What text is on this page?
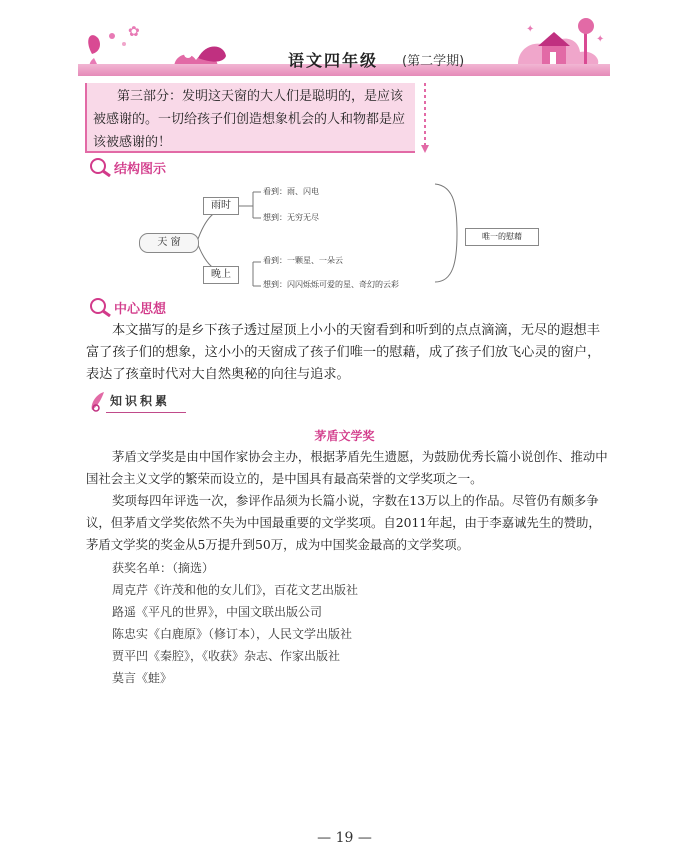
✿	✦
✦
语文四年级 (第二学期)

第三部分：发明这天窗的大人们是聪明的，是应该被感谢的。一切给孩子们创造想象机会的人和物都是应该被感谢的！

结构图示
天 窗
雨时
晚上
看到：雨、闪电
想到：无穷无尽
看到：一颗星、一朵云
想到：闪闪烁烁可爱的星、奇幻的云彩
唯一的慰藉
中心思想

本文描写的是乡下孩子透过屋顶上小小的天窗看到和听到的点点滴滴，无尽的遐想丰富了孩子们的想象，这小小的天窗成了孩子们唯一的慰藉，成了孩子们放飞心灵的窗户，表达了孩童时代对大自然奥秘的向往与追求。

知识积累
茅盾文学奖

茅盾文学奖是由中国作家协会主办，根据茅盾先生遗愿，为鼓励优秀长篇小说创作、推动中国社会主义文学的繁荣而设立的，是中国具有最高荣誉的文学奖项之一。

奖项每四年评选一次，参评作品须为长篇小说，字数在13万以上的作品。尽管仍有颇多争议，但茅盾文学奖依然不失为中国最重要的文学奖项。自2011年起，由于李嘉诚先生的赞助，茅盾文学奖的奖金从5万提升到50万，成为中国奖金最高的文学奖项。

获奖名单：（摘选）

周克芹《许茂和他的女儿们》，百花文艺出版社

路遥《平凡的世界》，中国文联出版公司

陈忠实《白鹿原》（修订本），人民文学出版社

贾平凹《秦腔》，《收获》杂志、作家出版社

莫言《蛙》

— 19 —
